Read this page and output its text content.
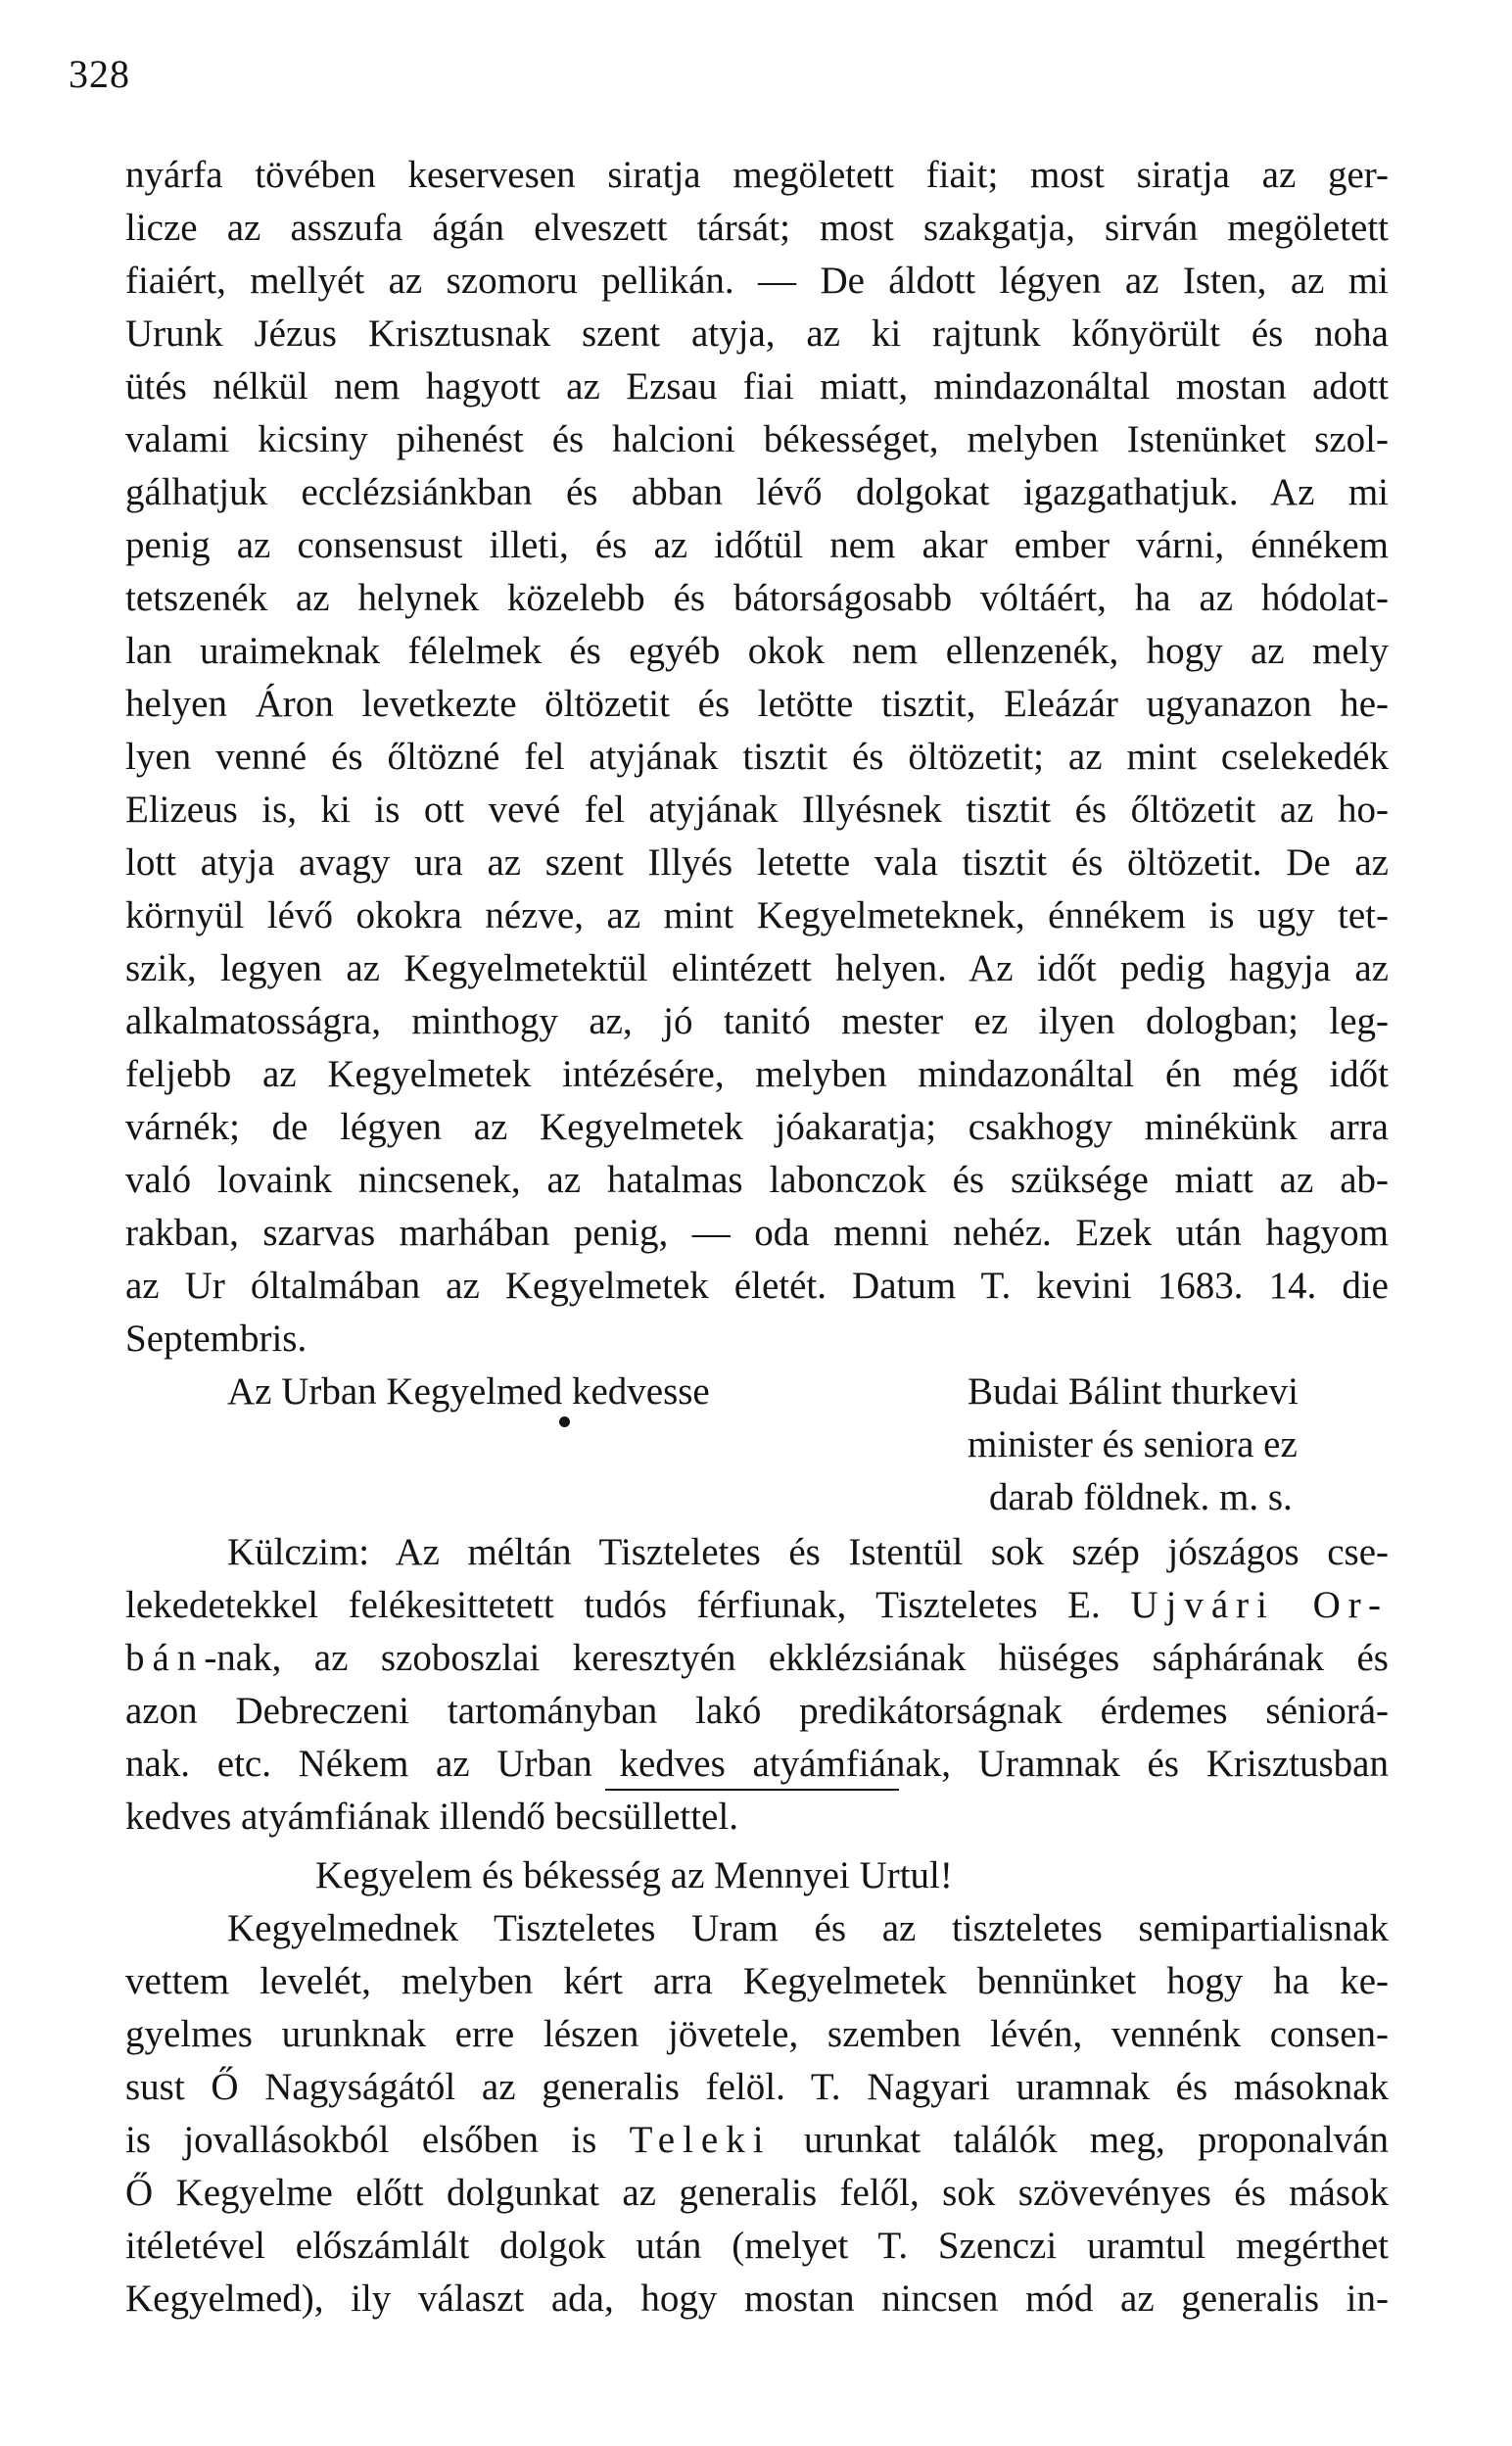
328
nyárfa tövében keservesen siratja megöletett fiait; most siratja az ger-
licze az asszufa ágán elveszett társát; most szakgatja, sirván megöletett
fiaiért, mellyét az szomoru pellikán. — De áldott légyen az Isten, az mi
Urunk Jézus Krisztusnak szent atyja, az ki rajtunk kőnyörült és noha
ütés nélkül nem hagyott az Ezsau fiai miatt, mindazonáltal mostan adott
valami kicsiny pihenést és halcioni békességet, melyben Istenünket szol-
gálhatjuk ecclézsiánkban és abban lévő dolgokat igazgathatjuk. Az mi
penig az consensust illeti, és az időtül nem akar ember várni, énnékem
tetszenék az helynek közelebb és bátorságosabb vóltáért, ha az hódolat-
lan uraimeknak félelmek és egyéb okok nem ellenzenék, hogy az mely
helyen Áron levetkezte öltözetit és letötte tisztit, Eleázár ugyanazon he-
lyen venné és őltözné fel atyjának tisztit és öltözetit; az mint cselekedék
Elizeus is, ki is ott vevé fel atyjának Illyésnek tisztit és őltözetit az ho-
lott atyja avagy ura az szent Illyés letette vala tisztit és öltözetit. De az
környül lévő okokra nézve, az mint Kegyelmeteknek, énnékem is ugy tet-
szik, legyen az Kegyelmetektül elintézett helyen. Az időt pedig hagyja az
alkalmatosságra, minthogy az, jó tanitó mester ez ilyen dologban; leg-
feljebb az Kegyelmetek intézésére, melyben mindazonáltal én még időt
várnék; de légyen az Kegyelmetek jóakaratja; csakhogy minékünk arra
való lovaink nincsenek, az hatalmas labonczok és szüksége miatt az ab-
rakban, szarvas marhában penig, — oda menni nehéz. Ezek után hagyom
az Ur óltalmában az Kegyelmetek életét. Datum T. kevini 1683. 14. die
Septembris.
Az Urban Kegyelmed kedvesse	Budai Bálint thurkevi
minister és seniora ez
darab földnek. m. s.
Külczim: Az méltán Tiszteletes és Istentül sok szép jószágos cse-
lekedetekkel felékesittetett tudós férfiunak, Tiszteletes E. Ujvári Or-
bán-nak, az szoboszlai keresztyén ekklézsiának hüséges sáphárának és
azon Debreczeni tartományban lakó predikátorságnak érdemes séniorá-
nak. etc. Nékem az Urban kedves atyámfiának, Uramnak és Krisztusban
kedves atyámfiának illendő becsüllettel.
Kegyelem és békesség az Mennyei Urtul!
Kegyelmednek Tiszteletes Uram és az tiszteletes semipartialisnak
vettem levelét, melyben kért arra Kegyelmetek bennünket hogy ha ke-
gyelmes urunknak erre lészen jövetele, szemben lévén, vennénk consen-
sust Ő Nagyságától az generalis felöl. T. Nagyari uramnak és másoknak
is jovallásokból elsőben is Teleki urunkat találók meg, proponalván
Ő Kegyelme előtt dolgunkat az generalis felől, sok szövevényes és mások
itéletével előszámlált dolgok után (melyet T. Szenczi uramtul megérthet
Kegyelmed), ily választ ada, hogy mostan nincsen mód az generalis in-
